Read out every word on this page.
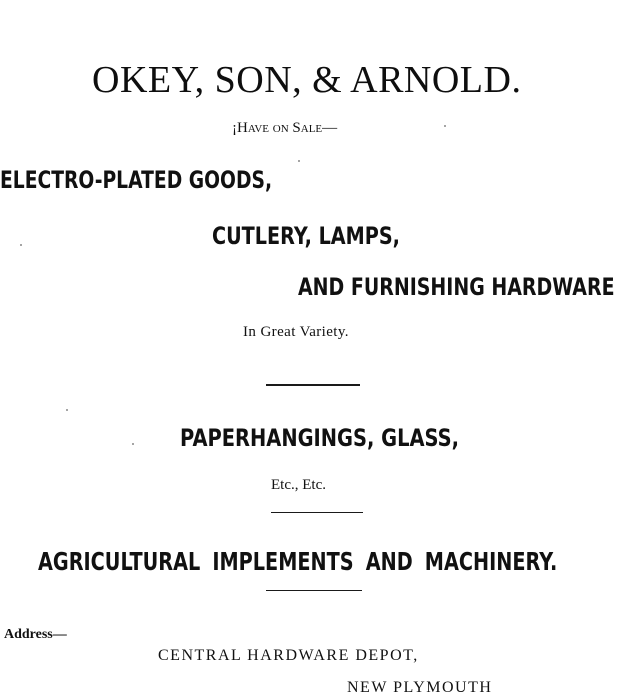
OKEY, SON, & ARNOLD.
¡Have on Sale—
ELECTRO-PLATED GOODS,
CUTLERY, LAMPS,
AND FURNISHING HARDWARE
In Great Variety.
PAPERHANGINGS, GLASS,
Etc., Etc.
AGRICULTURAL IMPLEMENTS AND MACHINERY.
Address—
CENTRAL HARDWARE DEPOT,
NEW PLYMOUTH
